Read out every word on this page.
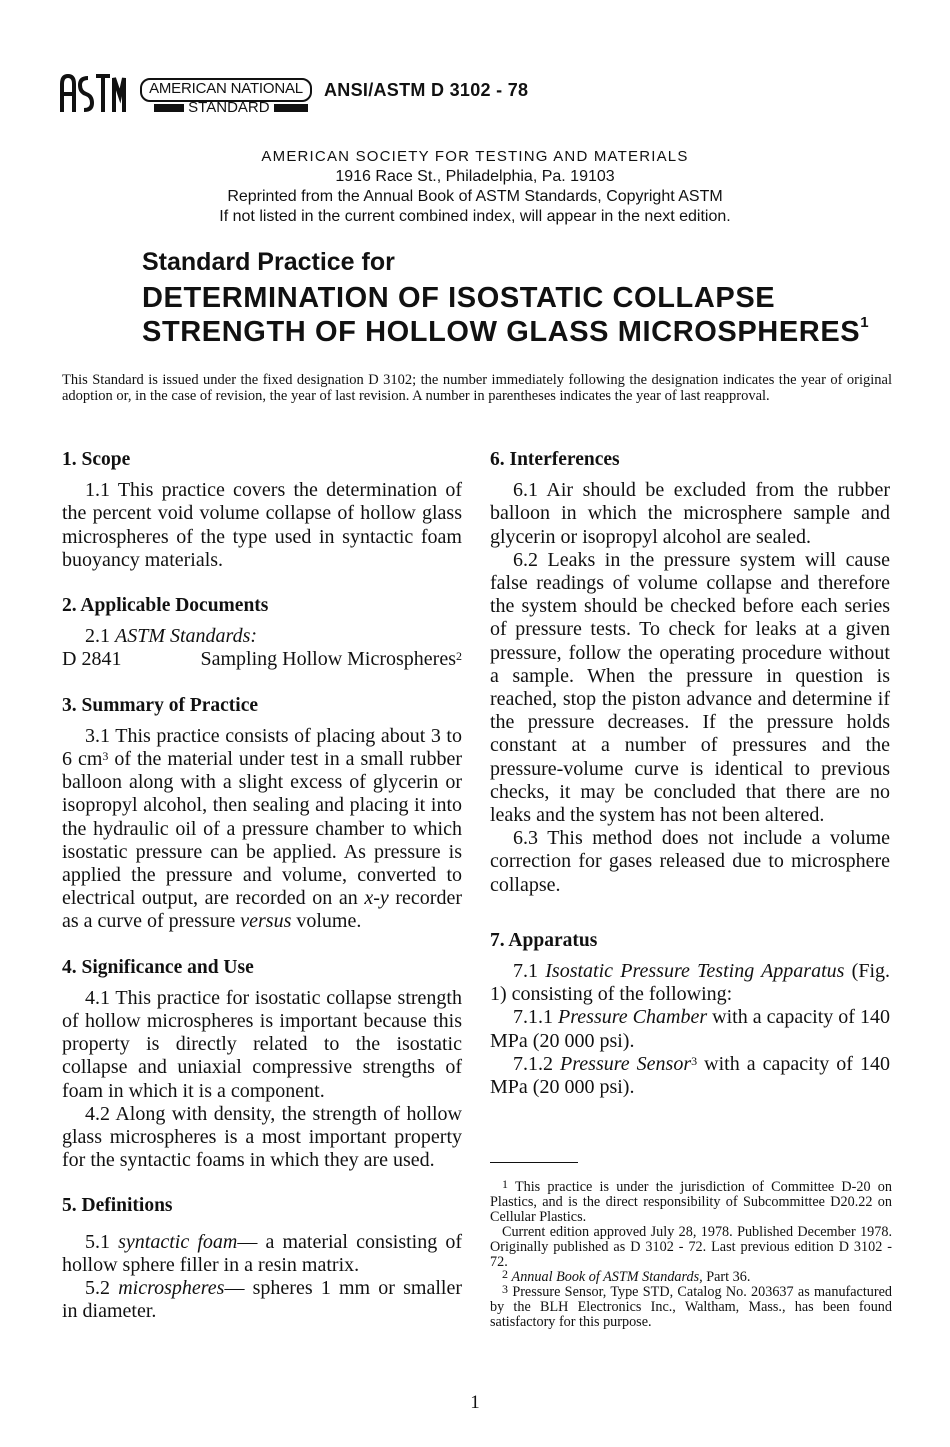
AMERICAN NATIONAL
STANDARD
ANSI/ASTM D 3102 - 78
AMERICAN SOCIETY FOR TESTING AND MATERIALS
1916 Race St., Philadelphia, Pa. 19103
Reprinted from the Annual Book of ASTM Standards, Copyright ASTM
If not listed in the current combined index, will appear in the next edition.
Standard Practice for
DETERMINATION OF ISOSTATIC COLLAPSE
STRENGTH OF HOLLOW GLASS MICROSPHERES$^1$
This Standard is issued under the fixed designation D 3102; the number immediately following the designation indicates the year of original adoption or, in the case of revision, the year of last revision. A number in parentheses indicates the year of last reapproval.

1. Scope

1.1 This practice covers the determination of the percent void volume collapse of hollow glass microspheres of the type used in syntactic foam buoyancy materials.

2. Applicable Documents

2.1 ASTM Standards:

D 2841	Sampling Hollow Microspheres$^2$

3. Summary of Practice

3.1 This practice consists of placing about 3 to 6 $cm^3$ of the material under test in a small rubber balloon along with a slight excess of glycerin or isopropyl alcohol, then sealing and placing it into the hydraulic oil of a pressure chamber to which isostatic pressure can be applied. As pressure is applied the pressure and volume, converted to electrical output, are recorded on an x-y recorder as a curve of pressure versus volume.

4. Significance and Use

4.1 This practice for isostatic collapse strength of hollow microspheres is important because this property is directly related to the isostatic collapse and uniaxial compressive strengths of foam in which it is a component.

4.2 Along with density, the strength of hollow glass microspheres is a most important property for the syntactic foams in which they are used.

5. Definitions

5.1 syntactic foam— a material consisting of hollow sphere filler in a resin matrix.

5.2 microspheres— spheres 1 mm or smaller in diameter.

6. Interferences

6.1 Air should be excluded from the rubber balloon in which the microsphere sample and glycerin or isopropyl alcohol are sealed.

6.2 Leaks in the pressure system will cause false readings of volume collapse and therefore the system should be checked before each series of pressure tests. To check for leaks at a given pressure, follow the operating procedure without a sample. When the pressure in question is reached, stop the piston advance and determine if the pressure decreases. If the pressure holds constant at a number of pressures and the pressure-volume curve is identical to previous checks, it may be concluded that there are no leaks and the system has not been altered.

6.3 This method does not include a volume correction for gases released due to microsphere collapse.

7. Apparatus

7.1 Isostatic Pressure Testing Apparatus (Fig. 1) consisting of the following:

7.1.1 Pressure Chamber with a capacity of 140 MPa (20 000 psi).

7.1.2 Pressure Sensor$^3$ with a capacity of 140 MPa (20 000 psi).

$^1$ This practice is under the jurisdiction of Committee D-20 on Plastics, and is the direct responsibility of Subcommittee D20.22 on Cellular Plastics.

Current edition approved July 28, 1978. Published December 1978. Originally published as D 3102 - 72. Last previous edition D 3102 - 72.

$^2$ Annual Book of ASTM Standards, Part 36.

$^3$ Pressure Sensor, Type STD, Catalog No. 203637 as manufactured by the BLH Electronics Inc., Waltham, Mass., has been found satisfactory for this purpose.

1
